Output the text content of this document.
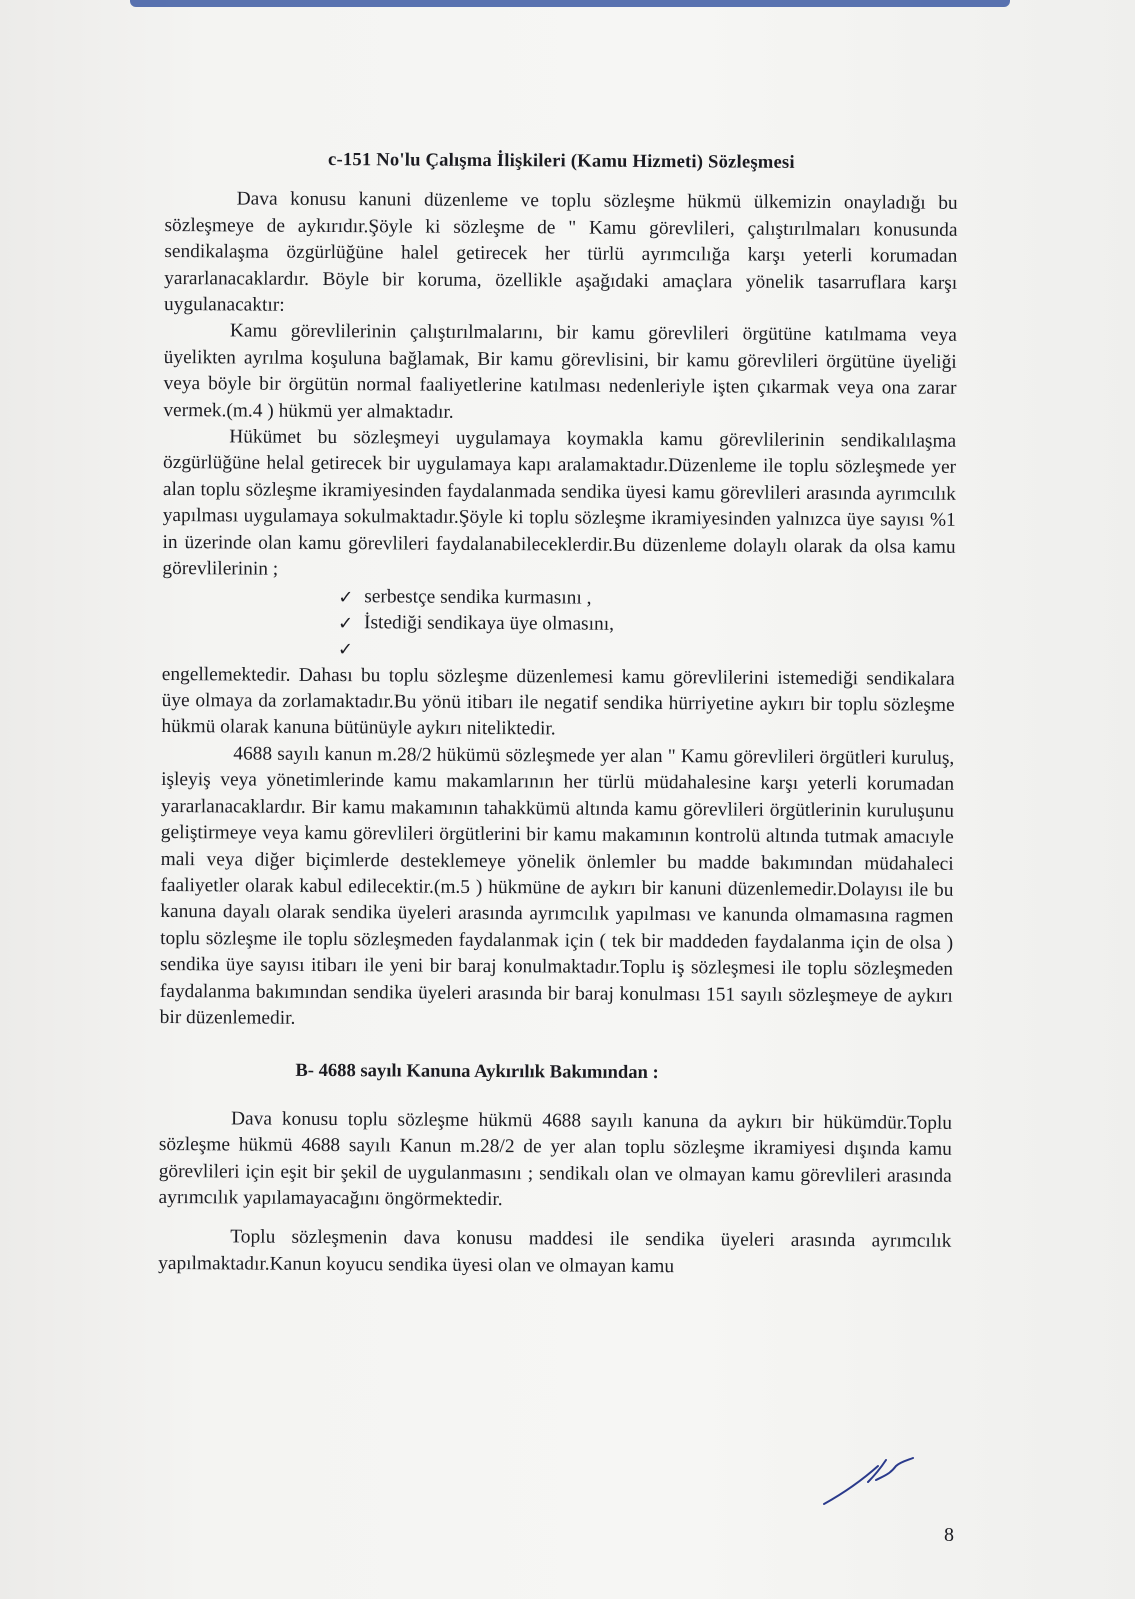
c-151 No'lu Çalışma İlişkileri (Kamu Hizmeti) Sözleşmesi

Dava konusu kanuni düzenleme ve toplu sözleşme hükmü ülkemizin onayladığı bu sözleşmeye de aykırıdır.Şöyle ki sözleşme de " Kamu görevlileri, çalıştırılmaları konusunda sendikalaşma özgürlüğüne halel getirecek her türlü ayrımcılığa karşı yeterli korumadan yararlanacaklardır. Böyle bir koruma, özellikle aşağıdaki amaçlara yönelik tasarruflara karşı uygulanacaktır:

Kamu görevlilerinin çalıştırılmalarını, bir kamu görevlileri örgütüne katılmama veya üyelikten ayrılma koşuluna bağlamak, Bir kamu görevlisini, bir kamu görevlileri örgütüne üyeliği veya böyle bir örgütün normal faaliyetlerine katılması nedenleriyle işten çıkarmak veya ona zarar vermek.(m.4 ) hükmü yer almaktadır.

Hükümet bu sözleşmeyi uygulamaya koymakla kamu görevlilerinin sendikalılaşma özgürlüğüne helal getirecek bir uygulamaya kapı aralamaktadır.Düzenleme ile toplu sözleşmede yer alan toplu sözleşme ikramiyesinden faydalanmada sendika üyesi kamu görevlileri arasında ayrımcılık yapılması uygulamaya sokulmaktadır.Şöyle ki toplu sözleşme ikramiyesinden yalnızca üye sayısı %1 in üzerinde olan kamu görevlileri faydalanabileceklerdir.Bu düzenleme dolaylı olarak da olsa kamu görevlilerinin ;

✓ serbestçe sendika kurmasını ,
✓ İstediği sendikaya üye olmasını,
✓

engellemektedir. Dahası bu toplu sözleşme düzenlemesi kamu görevlilerini istemediği sendikalara üye olmaya da zorlamaktadır.Bu yönü itibarı ile negatif sendika hürriyetine aykırı bir toplu sözleşme hükmü olarak kanuna bütünüyle aykırı niteliktedir.

4688 sayılı kanun m.28/2 hükümü sözleşmede yer alan " Kamu görevlileri örgütleri kuruluş, işleyiş veya yönetimlerinde kamu makamlarının her türlü müdahalesine karşı yeterli korumadan yararlanacaklardır. Bir kamu makamının tahakkümü altında kamu görevlileri örgütlerinin kuruluşunu geliştirmeye veya kamu görevlileri örgütlerini bir kamu makamının kontrolü altında tutmak amacıyle mali veya diğer biçimlerde desteklemeye yönelik önlemler bu madde bakımından müdahaleci faaliyetler olarak kabul edilecektir.(m.5 ) hükmüne de aykırı bir kanuni düzenlemedir.Dolayısı ile bu kanuna dayalı olarak sendika üyeleri arasında ayrımcılık yapılması ve kanunda olmamasına ragmen toplu sözleşme ile toplu sözleşmeden faydalanmak için ( tek bir maddeden faydalanma için de olsa ) sendika üye sayısı itibarı ile yeni bir baraj konulmaktadır.Toplu iş sözleşmesi ile toplu sözleşmeden faydalanma bakımından sendika üyeleri arasında bir baraj konulması 151 sayılı sözleşmeye de aykırı bir düzenlemedir.

B- 4688 sayılı Kanuna Aykırılık Bakımından :

Dava konusu toplu sözleşme hükmü 4688 sayılı kanuna da aykırı bir hükümdür.Toplu sözleşme hükmü 4688 sayılı Kanun m.28/2 de yer alan toplu sözleşme ikramiyesi dışında kamu görevlileri için eşit bir şekil de uygulanmasını ; sendikalı olan ve olmayan kamu görevlileri arasında ayrımcılık yapılamayacağını öngörmektedir.

Toplu sözleşmenin dava konusu maddesi ile sendika üyeleri arasında ayrımcılık yapılmaktadır.Kanun koyucu sendika üyesi olan ve olmayan kamu

8
